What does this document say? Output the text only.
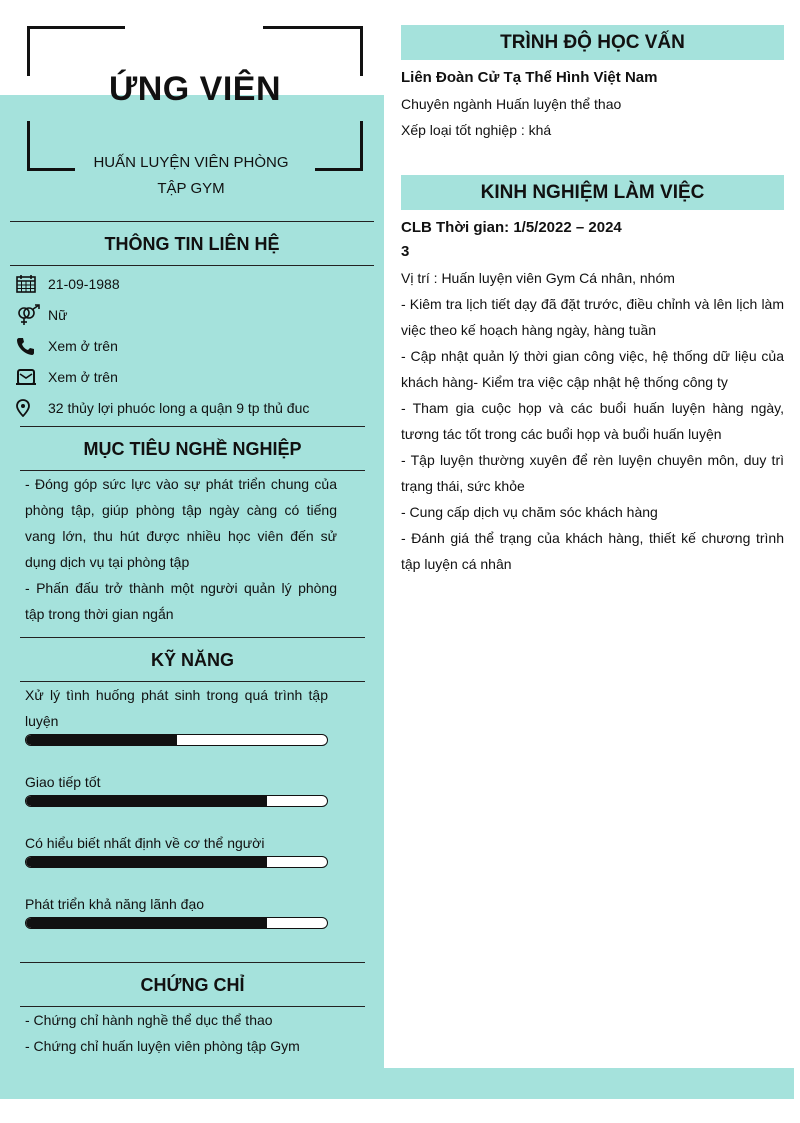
ỨNG VIÊN
HUẤN LUYỆN VIÊN PHÒNG TẬP GYM
THÔNG TIN LIÊN HỆ
21-09-1988
Nữ
Xem ở trên
Xem ở trên
32 thủy lợi phuóc long a quận 9 tp thủ đuc
MỤC TIÊU NGHỀ NGHIỆP
- Đóng góp sức lực vào sự phát triển chung của phòng tập, giúp phòng tập ngày càng có tiếng vang lớn, thu hút được nhiều học viên đến sử dụng dịch vụ tại phòng tập
- Phấn đấu trở thành một người quản lý phòng tập trong thời gian ngắn
KỸ NĂNG
Xử lý tình huống phát sinh trong quá trình tập luyện
Giao tiếp tốt
Có hiểu biết nhất định về cơ thể người
Phát triển khả năng lãnh đạo
CHỨNG CHỈ
- Chứng chỉ hành nghề thể dục thể thao
- Chứng chỉ huấn luyện viên phòng tập Gym
TRÌNH ĐỘ HỌC VẤN
Liên Đoàn Cử Tạ Thể Hình Việt Nam
Chuyên ngành Huấn luyện thể thao
Xếp loại tốt nghiệp : khá
KINH NGHIỆM LÀM VIỆC
CLB Thời gian: 1/5/2022 – 2024
3
Vị trí : Huấn luyện viên Gym Cá nhân, nhóm
- Kiêm tra lịch tiết dạy đã đặt trước, điều chỉnh và lên lịch làm việc theo kế hoạch hàng ngày, hàng tuần
- Cập nhật quản lý thời gian công việc, hệ thống dữ liệu của khách hàng- Kiểm tra việc cập nhật hệ thống công ty
- Tham gia cuộc họp và các buổi huấn luyện hàng ngày, tương tác tốt trong các buổi họp và buổi huấn luyện
- Tập luyện thường xuyên để rèn luyện chuyên môn, duy trì trạng thái, sức khỏe
- Cung cấp dịch vụ chăm sóc khách hàng
- Đánh giá thể trạng của khách hàng, thiết kế chương trình tập luyện cá nhân
